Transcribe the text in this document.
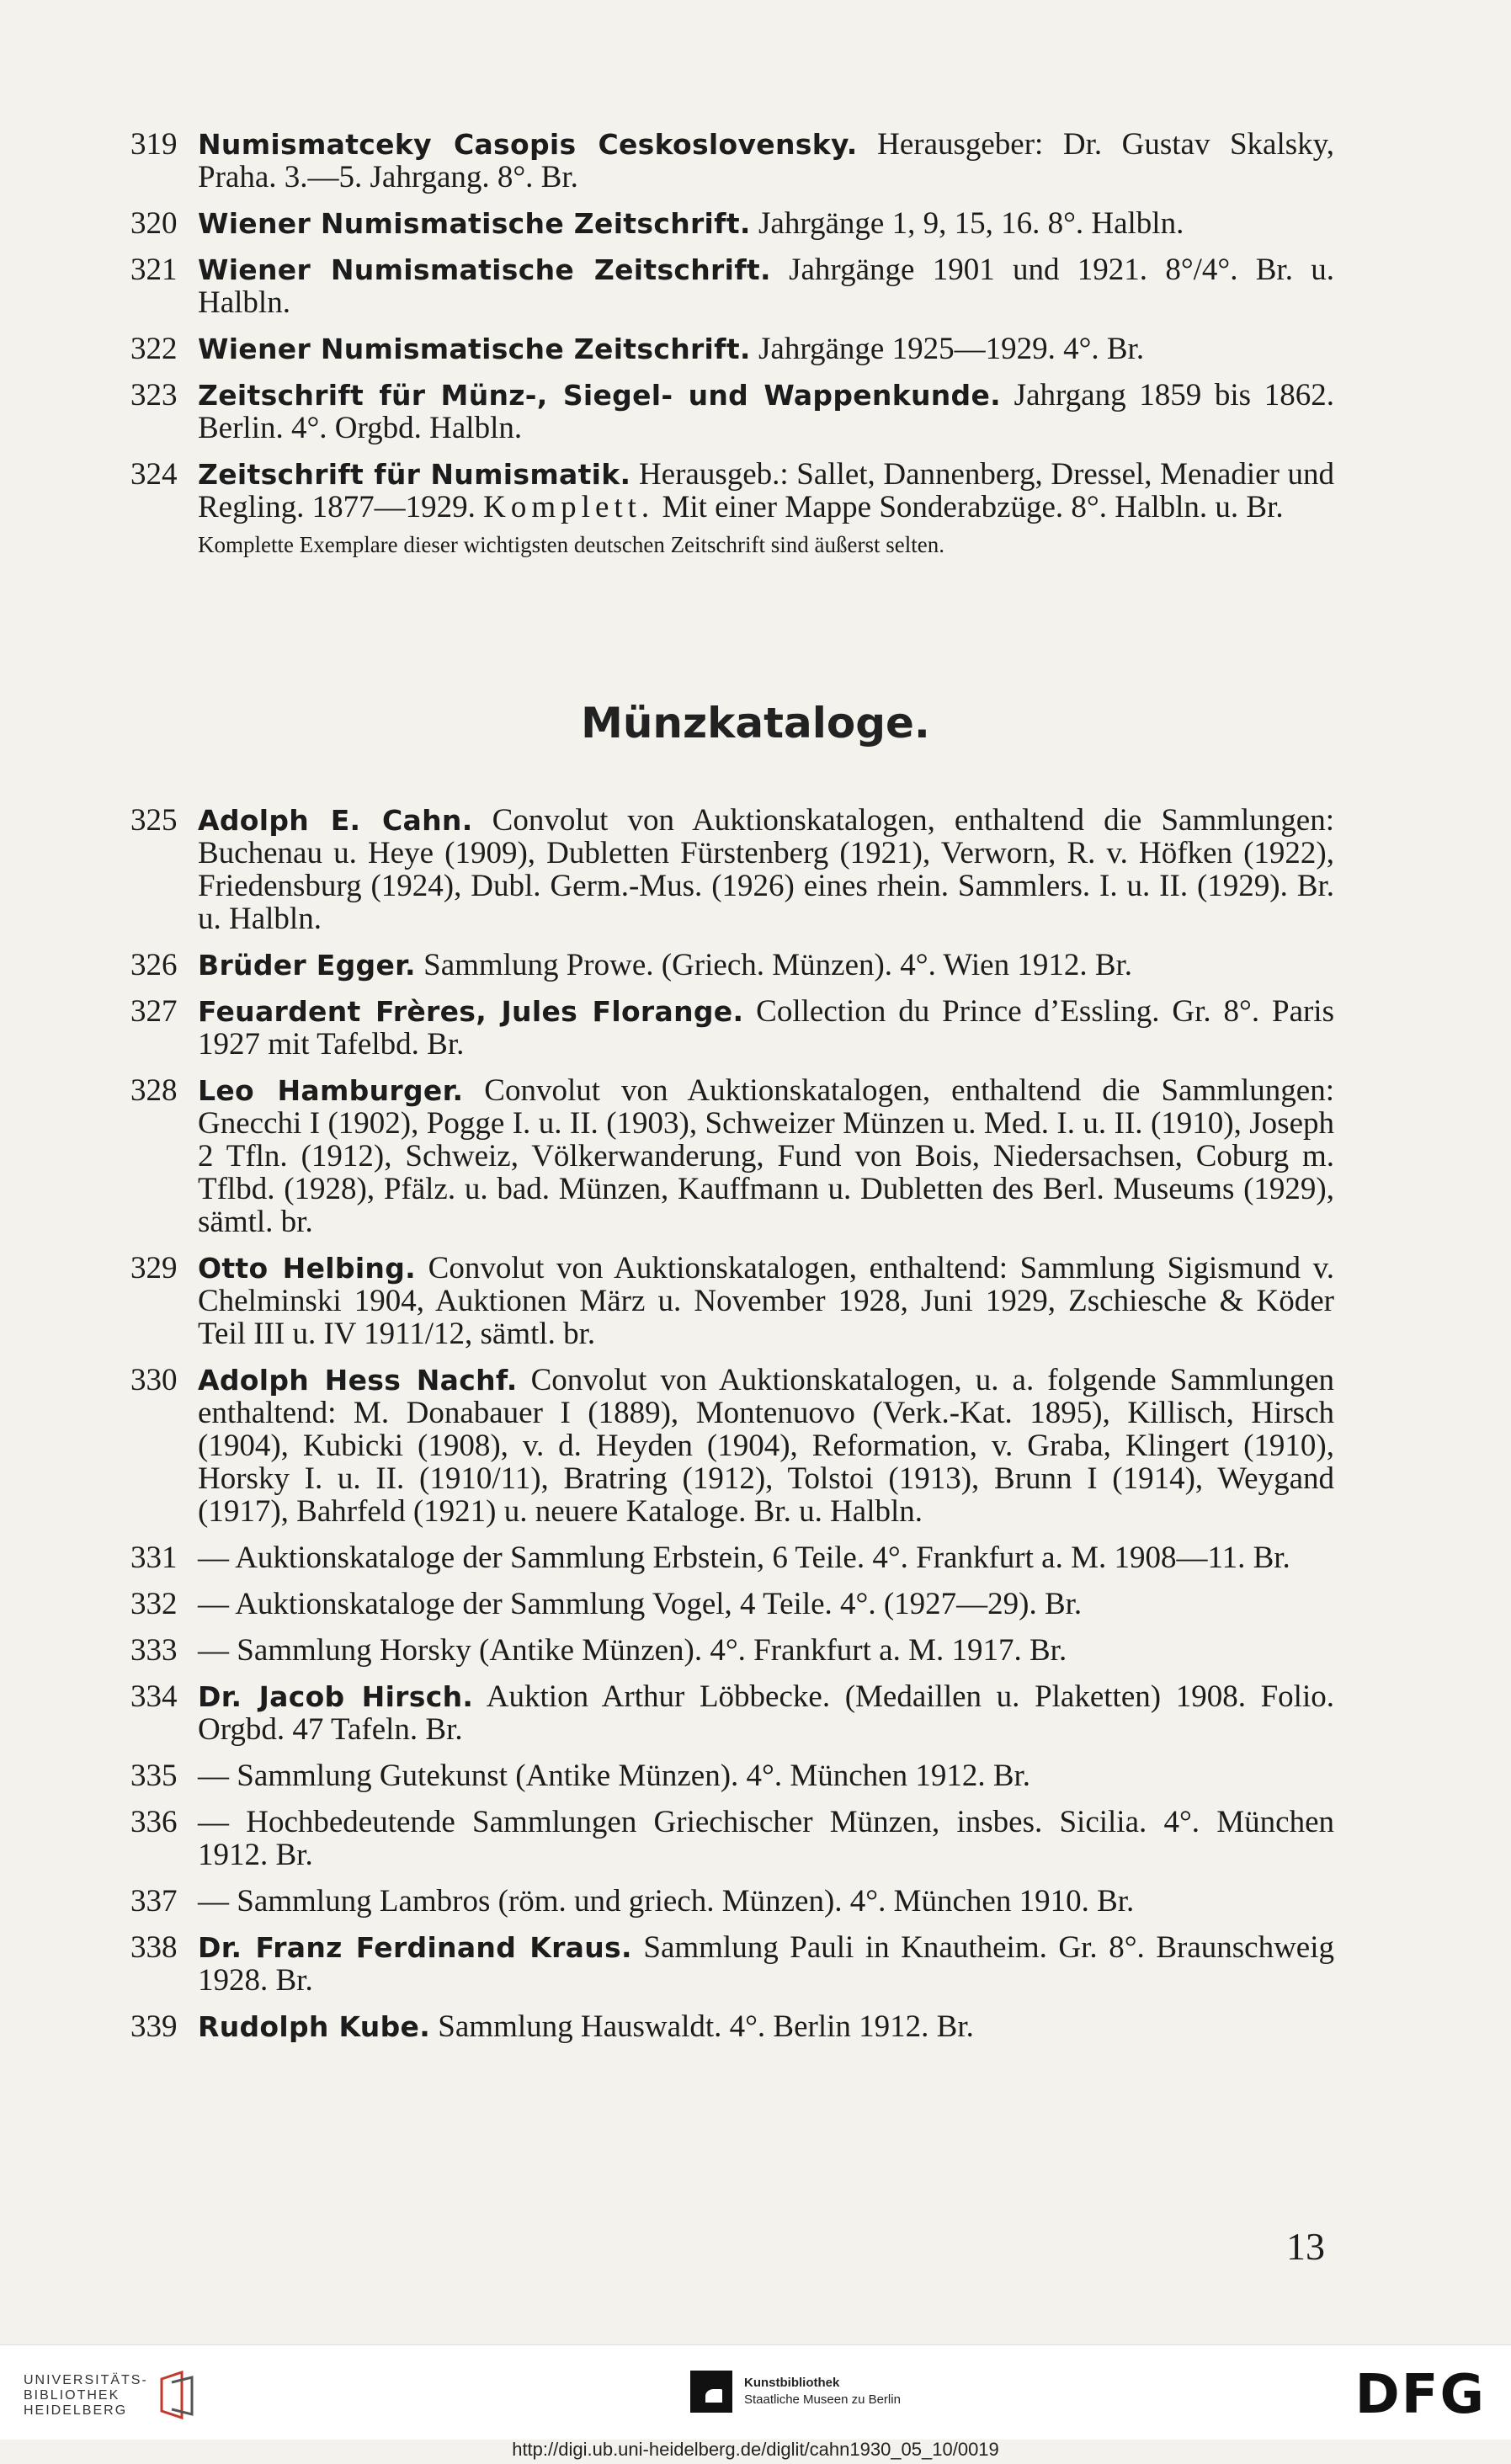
319 Numismatceky Casopis Ceskoslovensky. Herausgeber: Dr. Gustav Skalsky, Praha. 3.—5. Jahrgang. 8°. Br.
320 Wiener Numismatische Zeitschrift. Jahrgänge 1, 9, 15, 16. 8°. Halbln.
321 Wiener Numismatische Zeitschrift. Jahrgänge 1901 und 1921. 8°/4°. Br. u. Halbln.
322 Wiener Numismatische Zeitschrift. Jahrgänge 1925—1929. 4°. Br.
323 Zeitschrift für Münz-, Siegel- und Wappenkunde. Jahrgang 1859 bis 1862. Berlin. 4°. Orgbd. Halbln.
324 Zeitschrift für Numismatik. Herausgeb.: Sallet, Dannenberg, Dressel, Menadier und Regling. 1877—1929. Komplett. Mit einer Mappe Sonderabzüge. 8°. Halbln. u. Br.
Komplette Exemplare dieser wichtigsten deutschen Zeitschrift sind äußerst selten.
Münzkataloge.
325 Adolph E. Cahn. Convolut von Auktionskatalogen, enthaltend die Sammlungen: Buchenau u. Heye (1909), Dubletten Fürstenberg (1921), Verworn, R. v. Höfken (1922), Friedensburg (1924), Dubl. Germ.-Mus. (1926) eines rhein. Sammlers. I. u. II. (1929). Br. u. Halbln.
326 Brüder Egger. Sammlung Prowe. (Griech. Münzen). 4°. Wien 1912. Br.
327 Feuardent Frères, Jules Florange. Collection du Prince d’Essling. Gr. 8°. Paris 1927 mit Tafelbd. Br.
328 Leo Hamburger. Convolut von Auktionskatalogen, enthaltend die Sammlungen: Gnecchi I (1902), Pogge I. u. II. (1903), Schweizer Münzen u. Med. I. u. II. (1910), Joseph 2 Tfln. (1912), Schweiz, Völkerwanderung, Fund von Bois, Niedersachsen, Coburg m. Tflbd. (1928), Pfälz. u. bad. Münzen, Kauffmann u. Dubletten des Berl. Museums (1929), sämtl. br.
329 Otto Helbing. Convolut von Auktionskatalogen, enthaltend: Sammlung Sigismund v. Chelminski 1904, Auktionen März u. November 1928, Juni 1929, Zschiesche & Köder Teil III u. IV 1911/12, sämtl. br.
330 Adolph Hess Nachf. Convolut von Auktionskatalogen, u. a. folgende Sammlungen enthaltend: M. Donabauer I (1889), Montenuovo (Verk.-Kat. 1895), Killisch, Hirsch (1904), Kubicki (1908), v. d. Heyden (1904), Reformation, v. Graba, Klingert (1910), Horsky I. u. II. (1910/11), Bratring (1912), Tolstoi (1913), Brunn I (1914), Weygand (1917), Bahrfeld (1921) u. neuere Kataloge. Br. u. Halbln.
331 — Auktionskataloge der Sammlung Erbstein, 6 Teile. 4°. Frankfurt a. M. 1908—11. Br.
332 — Auktionskataloge der Sammlung Vogel, 4 Teile. 4°. (1927—29). Br.
333 — Sammlung Horsky (Antike Münzen). 4°. Frankfurt a. M. 1917. Br.
334 Dr. Jacob Hirsch. Auktion Arthur Löbbecke. (Medaillen u. Plaketten) 1908. Folio. Orgbd. 47 Tafeln. Br.
335 — Sammlung Gutekunst (Antike Münzen). 4°. München 1912. Br.
336 — Hochbedeutende Sammlungen Griechischer Münzen, insbes. Sicilia. 4°. München 1912. Br.
337 — Sammlung Lambros (röm. und griech. Münzen). 4°. München 1910. Br.
338 Dr. Franz Ferdinand Kraus. Sammlung Pauli in Knautheim. Gr. 8°. Braunschweig 1928. Br.
339 Rudolph Kube. Sammlung Hauswaldt. 4°. Berlin 1912. Br.
13
UNIVERSITÄTS-
BIBLIOTHEK
HEIDELBERG
Kunstbibliothek
Staatliche Museen zu Berlin	DFG
http://digi.ub.uni-heidelberg.de/diglit/cahn1930_05_10/0019
